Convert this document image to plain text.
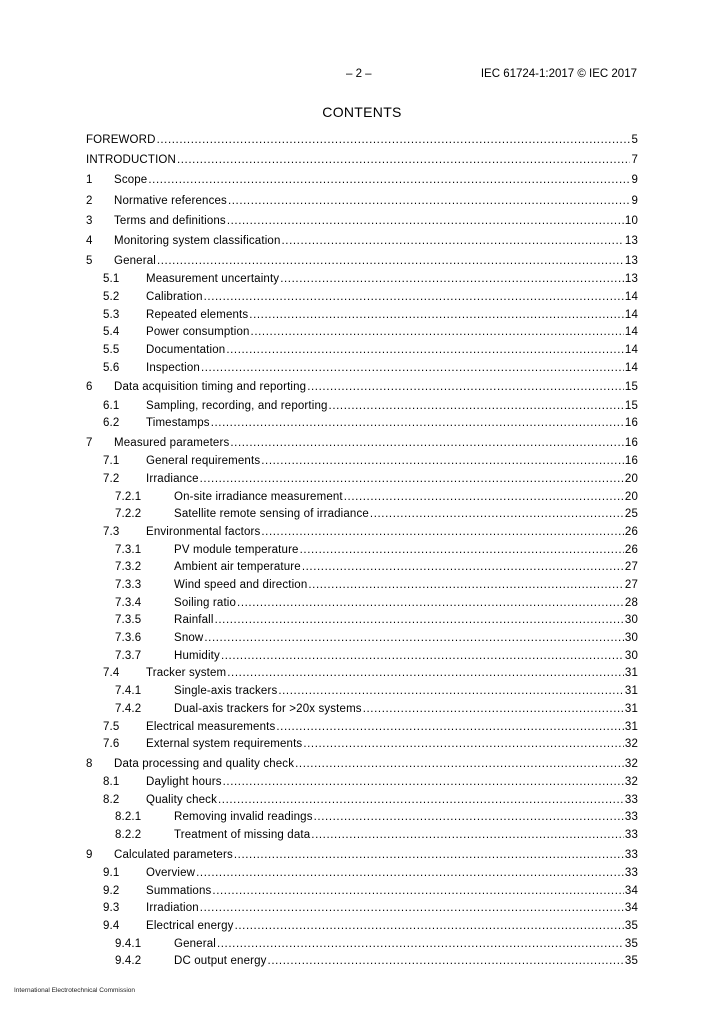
– 2 –	IEC 61724-1:2017 © IEC 2017
CONTENTS
FOREWORD .....	5
INTRODUCTION .....	7
1	Scope .....	9
2	Normative references .....	9
3	Terms and definitions .....	10
4	Monitoring system classification .....	13
5	General .....	13
5.1	Measurement uncertainty .....	13
5.2	Calibration .....	14
5.3	Repeated elements .....	14
5.4	Power consumption .....	14
5.5	Documentation .....	14
5.6	Inspection .....	14
6	Data acquisition timing and reporting .....	15
6.1	Sampling, recording, and reporting .....	15
6.2	Timestamps .....	16
7	Measured parameters .....	16
7.1	General requirements .....	16
7.2	Irradiance .....	20
7.2.1	On-site irradiance measurement .....	20
7.2.2	Satellite remote sensing of irradiance .....	25
7.3	Environmental factors .....	26
7.3.1	PV module temperature .....	26
7.3.2	Ambient air temperature .....	27
7.3.3	Wind speed and direction .....	27
7.3.4	Soiling ratio .....	28
7.3.5	Rainfall .....	30
7.3.6	Snow .....	30
7.3.7	Humidity .....	30
7.4	Tracker system .....	31
7.4.1	Single-axis trackers .....	31
7.4.2	Dual-axis trackers for >20x systems .....	31
7.5	Electrical measurements .....	31
7.6	External system requirements .....	32
8	Data processing and quality check .....	32
8.1	Daylight hours .....	32
8.2	Quality check .....	33
8.2.1	Removing invalid readings .....	33
8.2.2	Treatment of missing data .....	33
9	Calculated parameters .....	33
9.1	Overview .....	33
9.2	Summations .....	34
9.3	Irradiation .....	34
9.4	Electrical energy .....	35
9.4.1	General .....	35
9.4.2	DC output energy .....	35
International Electrotechnical Commission
